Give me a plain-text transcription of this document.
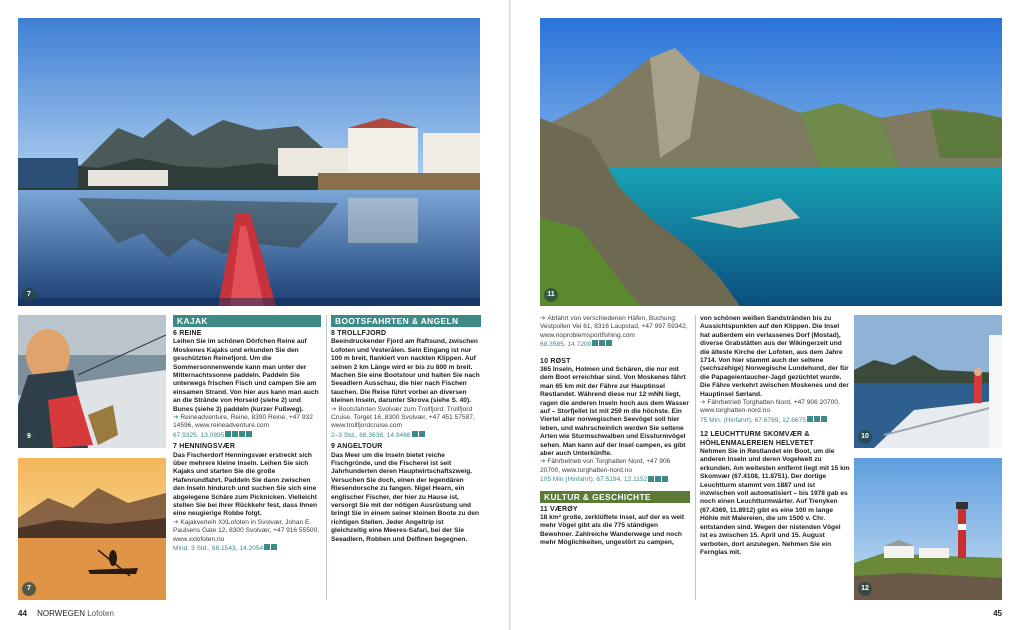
7
9
7
KAJAK
6 REINE
Leihen Sie im schönen Dörfchen Reine auf Moskenes Kajaks und erkunden Sie den geschützten Reinefjord. Um die Sommersonnenwende kann man unter der Mitternachtssonne paddeln. Paddeln Sie unterwegs frischen Fisch und campen Sie am einsamen Strand. Von hier aus kann man auch an die Strände von Horseid (siehe 2) und Bunes (siehe 3) paddeln (kurzer Fußweg).
➔ Reineadventure, Reine, 8390 Reine, +47 932 14596, www.reineadventure.com
67.9325, 13.0895
7 HENNINGSVÆR
Das Fischerdorf Henningsvær erstreckt sich über mehrere kleine Inseln. Leihen Sie sich Kajaks und starten Sie die große Hafenrundfahrt. Paddeln Sie dann zwischen den Inseln hindurch und suchen Sie sich eine abgelegene Schäre zum Picknicken. Vielleicht stellen Sie bei Ihrer Rückkehr fest, dass Ihnen eine neugierige Robbe folgt.
➔ Kajakverleih XXLofoten in Svolvær, Johan E. Paulsens Gate 12, 8300 Svolvær, +47 916 55500, www.xxlofoten.no
Mind. 3 Std., 68.1543, 14.2054
BOOTSFAHRTEN & ANGELN
8 TROLLFJORD
Beeindruckender Fjord am Raftsund, zwischen Lofoten und Vesterålen. Sein Eingang ist nur 100 m breit, flankiert von nackten Klippen. Auf seinen 2 km Länge wird er bis zu 800 m breit. Machen Sie eine Bootstour und halten Sie nach Seeadlern Ausschau, die hier nach Fischen tauchen. Die Reise führt vorbei an diversen kleinen Inseln, darunter Skrova (siehe S. 40).
➔ Bootsfahrten Svolvær zum Trollfjord: Trollfjord Cruise, Torget 16, 8300 Svolvær, +47 451 57587, www.trollfjordcruise.com
2–3 Std., 68.3638, 14.9466
9 ANGELTOUR
Das Meer um die Inseln bietet reiche Fischgründe, und die Fischerei ist seit Jahrhunderten deren Hauptwirtschaftszweig. Versuchen Sie doch, einen der legendären Riesendorsche zu fangen. Nigel Hearn, ein englischer Fischer, der hier zu Hause ist, versorgt Sie mit der nötigen Ausrüstung und bringt Sie in einem seiner kleinen Boote zu den richtigen Stellen. Jeder Angeltrip ist gleichzeitig eine Meeres-Safari, bei der Sie Seeadlern, Robben und Delfinen begegnen.
44 NORWEGEN Lofoten
11
➔ Abfahrt von verschiedenen Häfen, Buchung: Vestpollen Vei 61, 8316 Laupstad, +47 997 59342, www.noproblemsportfishing.com
68.3585, 14.7200
10 RØST
365 Inseln, Holmen und Schären, die nur mit dem Boot erreichbar sind. Von Moskenes fährt man 65 km mit der Fähre zur Hauptinsel Røstlandet. Während diese nur 12 mNN liegt, ragen die anderen Inseln hoch aus dem Wasser auf – Storfjellet ist mit 259 m die höchste. Ein Viertel aller norwegischen Seevögel soll hier leben, und wahrscheinlich werden Sie seltene Arten wie Sturmschwalben und Eissturmvögel sehen. Man kann auf der Insel campen, es gibt aber auch Unterkünfte.
➔ Fährbetrieb von Torghatten Nord, +47 906 20700, www.torghatten-nord.no
105 Min (Hinfahrt), 67.5194, 12.1152
KULTUR & GESCHICHTE
11 VÆRØY
18 km² große, zerklüftete Insel, auf der es weit mehr Vögel gibt als die 775 ständigen Bewohner. Zahlreiche Wanderwege und noch mehr Möglichkeiten, ungestört zu campen,
von schönen weißen Sandstränden bis zu Aussichtspunkten auf den Klippen. Die Insel hat außerdem ein verlassenes Dorf (Mostad), diverse Grabstätten aus der Wikingerzeit und die älteste Kirche der Lofoten, aus dem Jahre 1714. Von hier stammt auch der seltene (sechszehige) Norwegische Lundehund, der für die Papageientaucher-Jagd gezüchtet wurde. Die Fähre verkehrt zwischen Moskenes und der Hauptinsel Sørland.
➔ Fährbetrieb Torghatten Nord, +47 906 20700, www.torghatten-nord.no
75 Min. (Hinfahrt), 67.6769, 12.6675
12 LEUCHTTURM SKOMVÆR & HÖHLENMALEREIEN HELVETET
Nehmen Sie in Røstlandet ein Boot, um die anderen Inseln und deren Vogelwelt zu erkunden. Am weitesten entfernt liegt mit 15 km Skomvær (67.4108, 11.8751). Der dortige Leuchtturm stammt von 1887 und ist inzwischen voll automatisiert – bis 1978 gab es noch einen Leuchtturmwärter. Auf Trenyken (67.4369, 11.8912) gibt es eine 100 m lange Höhle mit Malereien, die um 1500 v. Chr. entstanden sind. Wegen der nistenden Vögel ist es zwischen 15. April und 15. August verboten, dort anzulegen. Nehmen Sie ein Fernglas mit.
10
12
45
